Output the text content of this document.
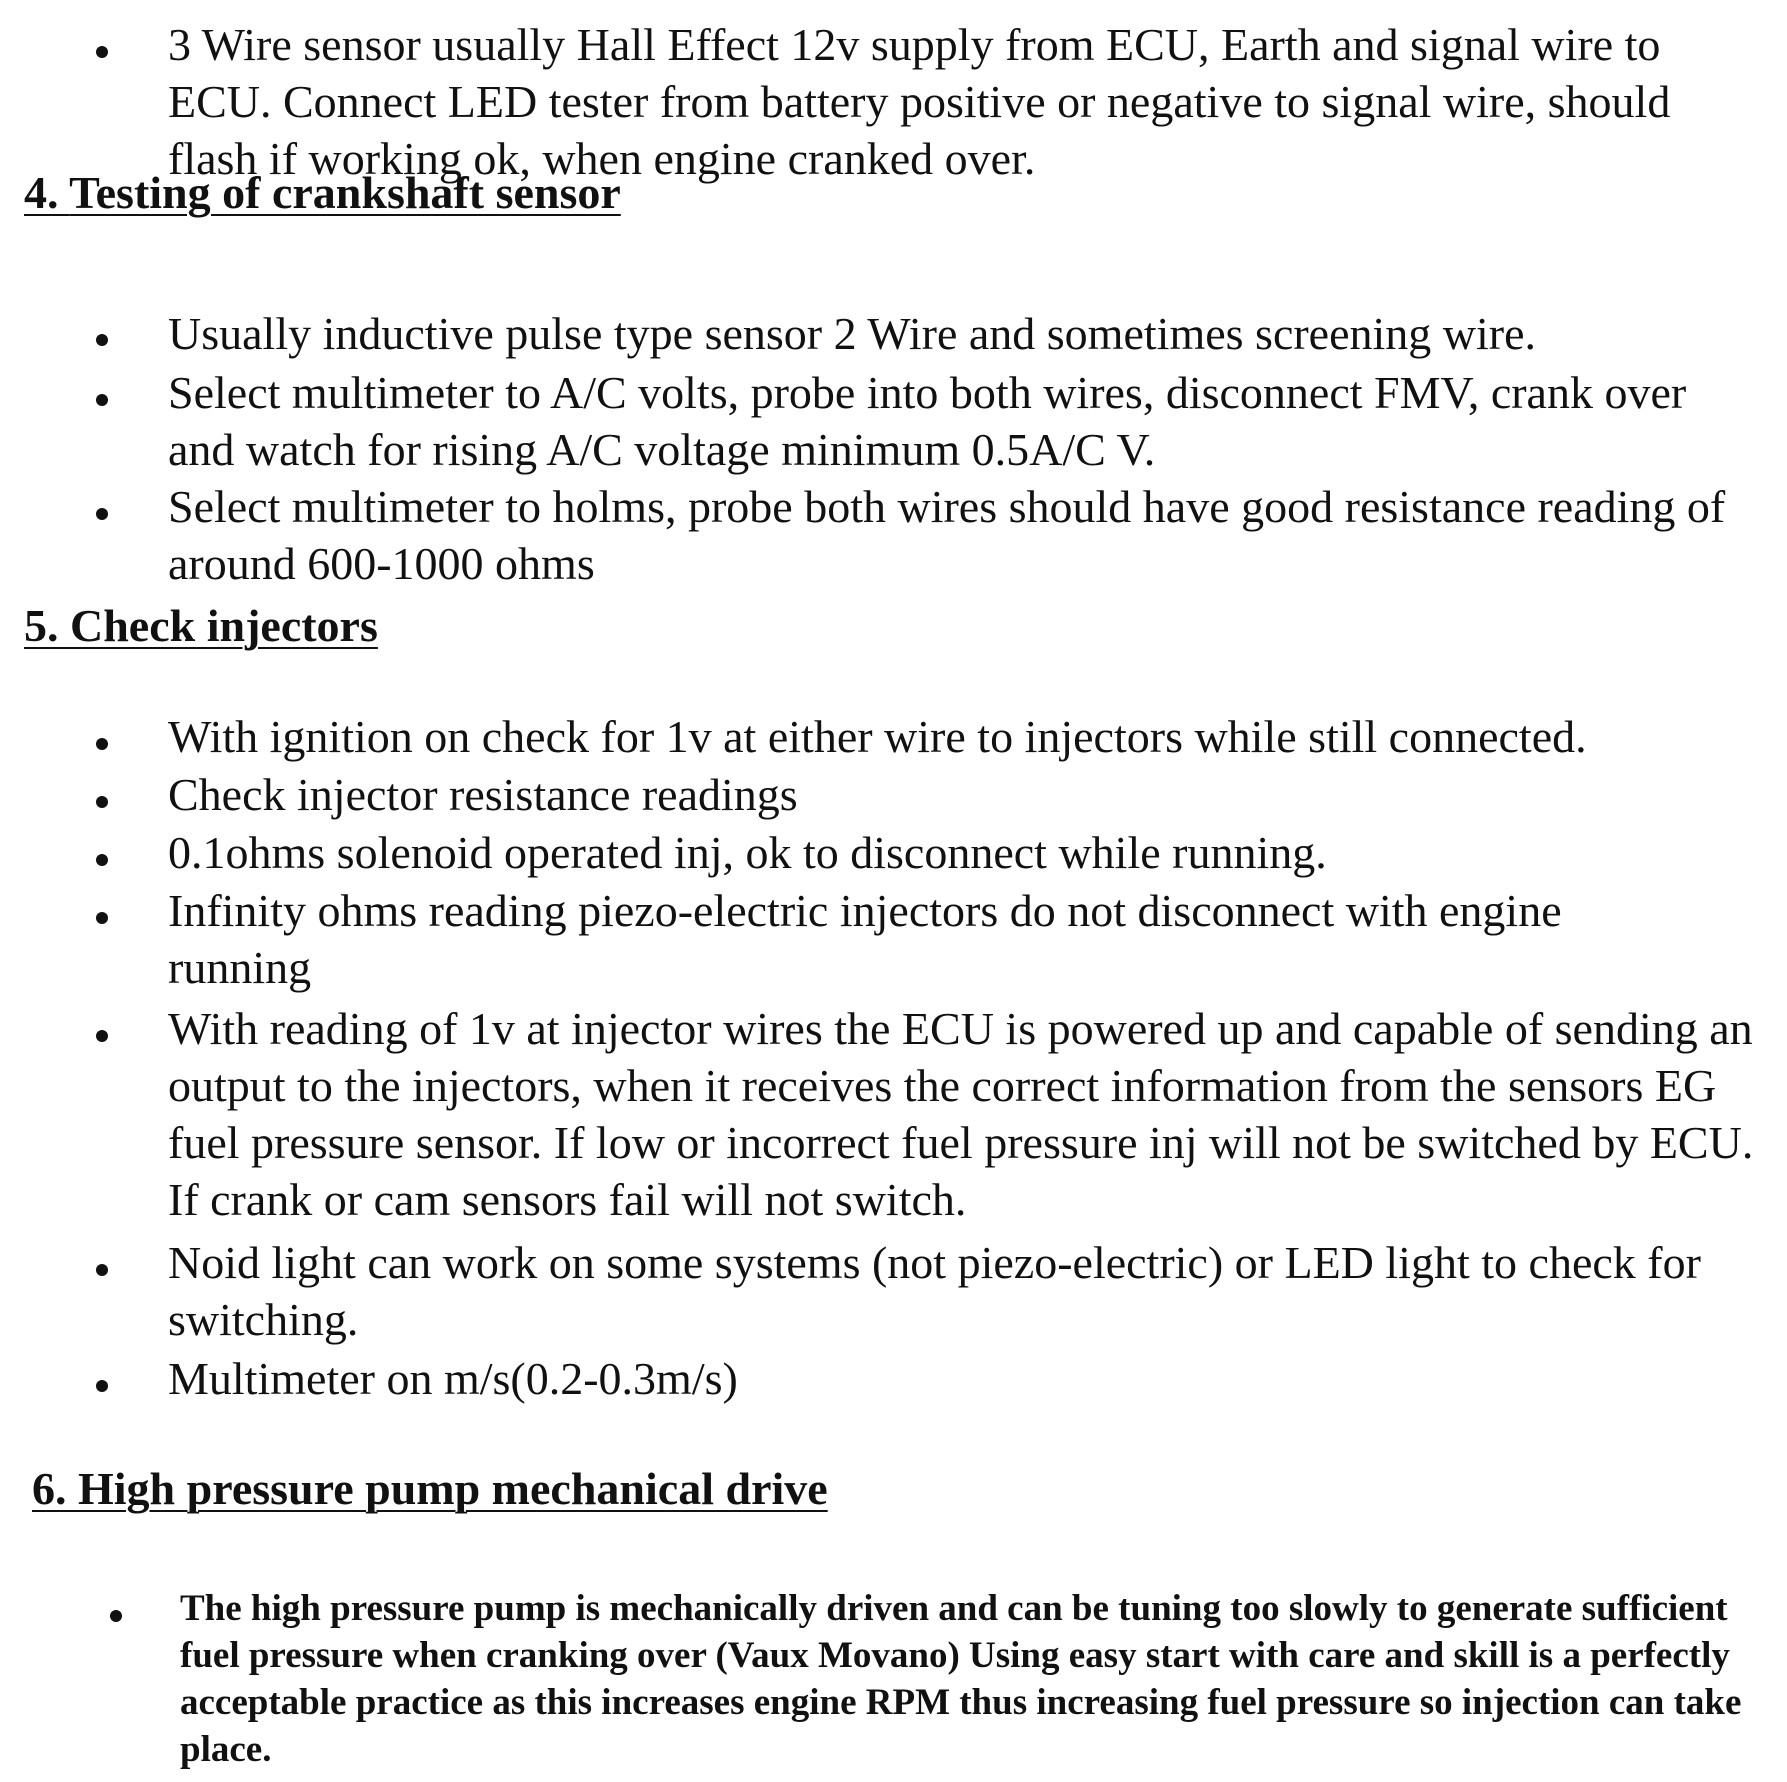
3 Wire sensor usually Hall Effect 12v supply from ECU, Earth and signal wire to ECU. Connect LED tester from battery positive or negative to signal wire, should flash if working ok, when engine cranked over.

4. Testing of crankshaft sensor

Usually inductive pulse type sensor 2 Wire and sometimes screening wire.

Select multimeter to A/C volts, probe into both wires, disconnect FMV, crank over and watch for rising A/C voltage minimum 0.5A/C V.

Select multimeter to holms, probe both wires should have good resistance reading of around 600-1000 ohms

5. Check injectors

With ignition on check for 1v at either wire to injectors while still connected.

Check injector resistance readings

0.1ohms solenoid operated inj, ok to disconnect while running.

Infinity ohms reading piezo-electric injectors do not disconnect with engine running

With reading of 1v at injector wires the ECU is powered up and capable of sending an output to the injectors, when it receives the correct information from the sensors EG fuel pressure sensor. If low or incorrect fuel pressure inj will not be switched by ECU. If crank or cam sensors fail will not switch.

Noid light can work on some systems (not piezo-electric) or LED light to check for switching.

Multimeter on m/s(0.2-0.3m/s)

6. High pressure pump mechanical drive

The high pressure pump is mechanically driven and can be tuning too slowly to generate sufficient fuel pressure when cranking over (Vaux Movano) Using easy start with care and skill is a perfectly acceptable practice as this increases engine RPM thus increasing fuel pressure so injection can take place.
